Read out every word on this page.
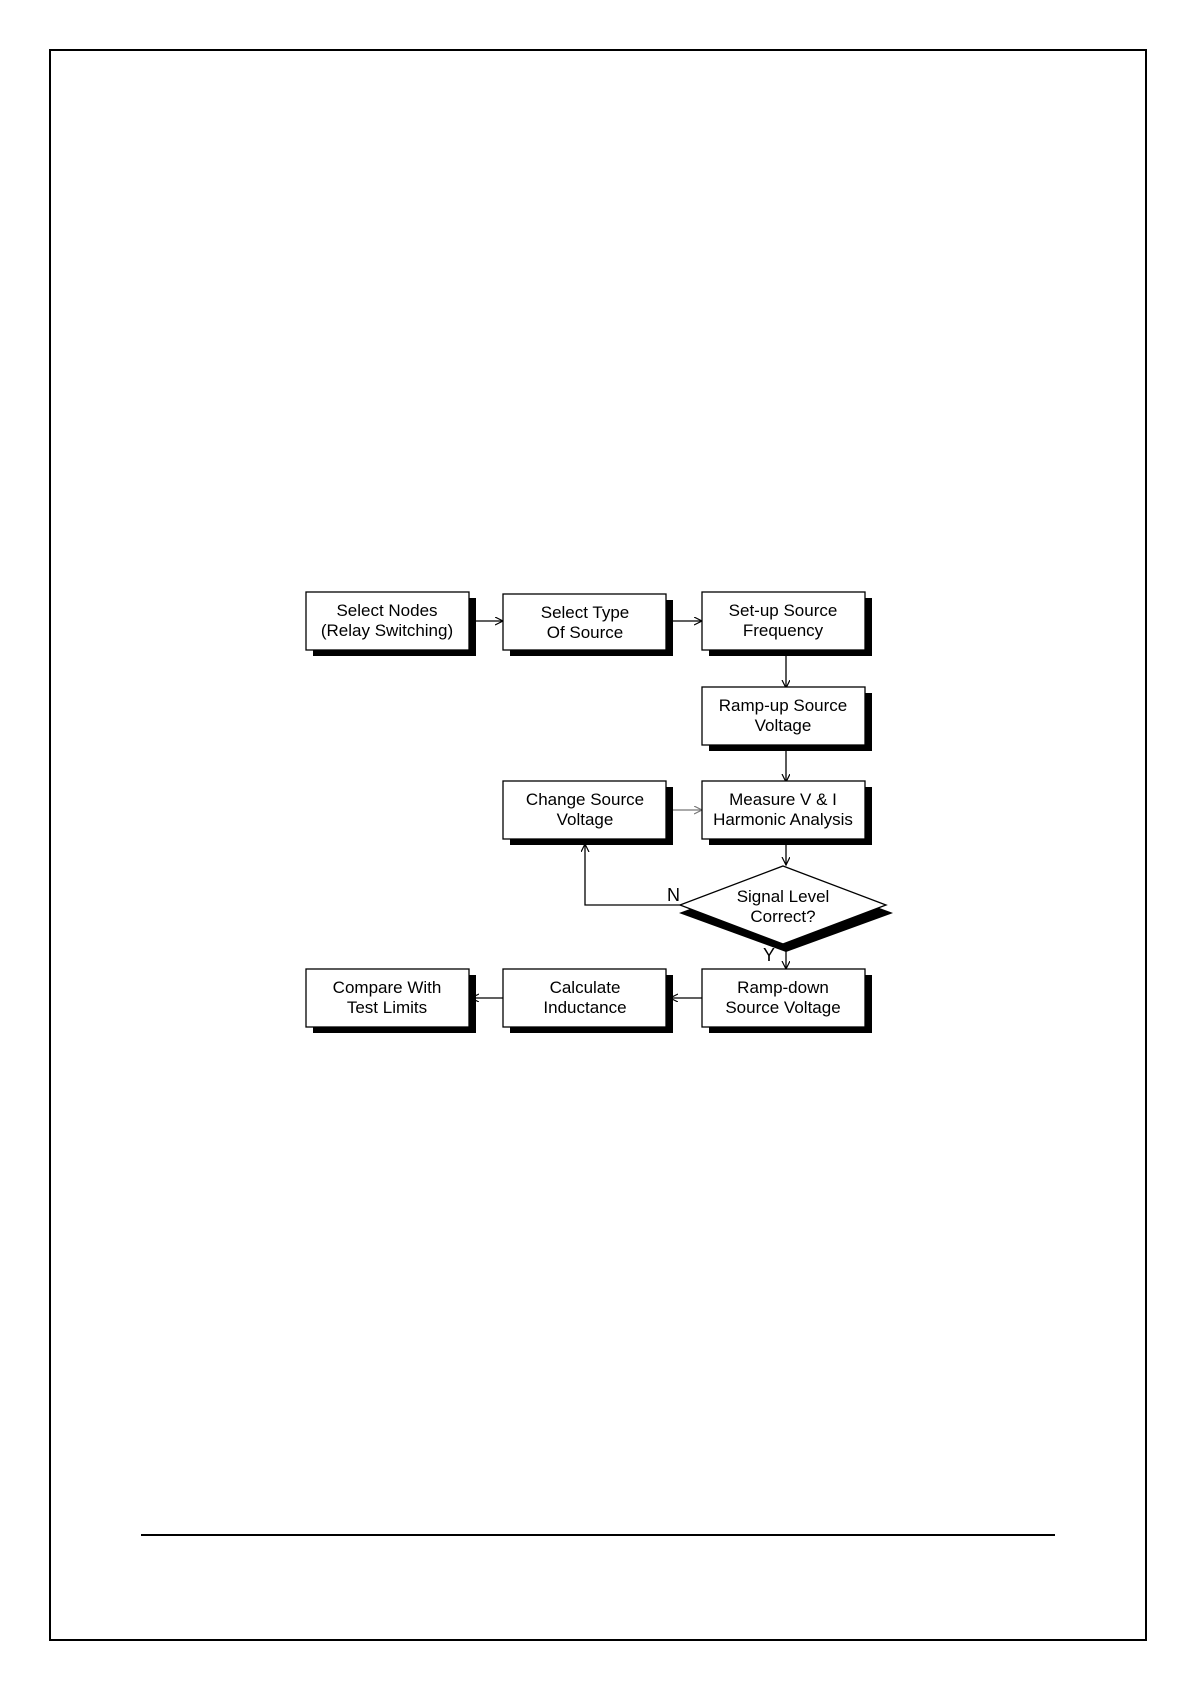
Select Nodes
(Relay Switching)
Select Type
Of Source
Set-up Source
Frequency
Ramp-up Source
Voltage
Change Source
Voltage
Measure V & I
Harmonic Analysis
Signal Level
Correct?
N
Y
Ramp-down
Source Voltage
Calculate
Inductance
Compare With
Test Limits
